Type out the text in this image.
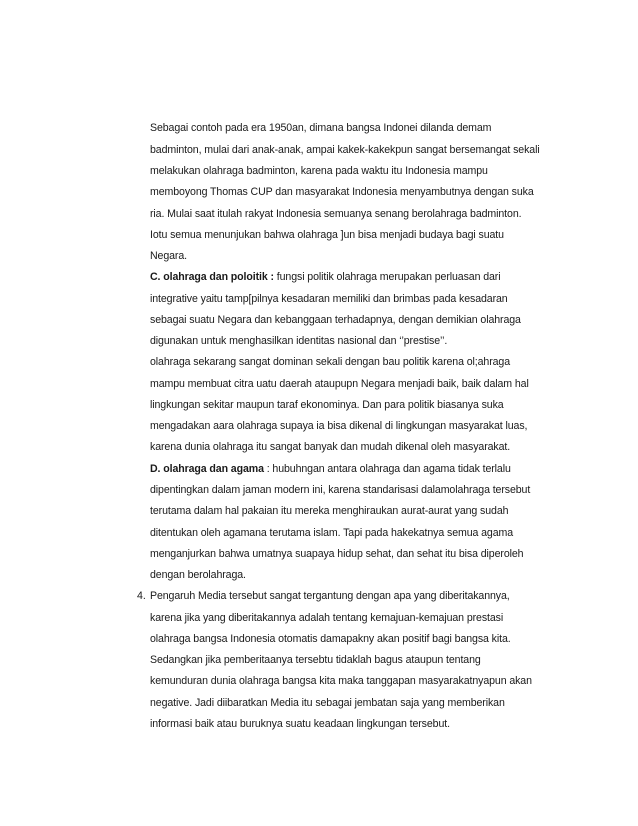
Sebagai contoh pada era 1950an, dimana bangsa Indonei dilanda demam
badminton, mulai dari anak-anak, ampai kakek-kakekpun sangat bersemangat sekali
melakukan olahraga badminton, karena pada waktu itu Indonesia mampu
memboyong Thomas CUP dan masyarakat Indonesia menyambutnya dengan suka
ria. Mulai saat itulah rakyat Indonesia semuanya senang berolahraga badminton.
Iotu semua menunjukan bahwa olahraga ]un bisa menjadi budaya bagi suatu
Negara.
C. olahraga dan poloitik : fungsi politik olahraga merupakan perluasan dari
integrative yaitu tamp[pilnya kesadaran memiliki dan brimbas pada kesadaran
sebagai suatu Negara dan kebanggaan terhadapnya, dengan demikian olahraga
digunakan untuk menghasilkan identitas nasional dan ‘’prestise’’.
olahraga sekarang sangat dominan sekali dengan bau politik karena ol;ahraga
mampu membuat citra uatu daerah ataupupn Negara menjadi baik, baik dalam hal
lingkungan sekitar maupun taraf ekonominya. Dan para politik biasanya suka
mengadakan aara olahraga supaya ia bisa dikenal di lingkungan masyarakat luas,
karena dunia olahraga itu sangat banyak dan mudah dikenal oleh masyarakat.
D. olahraga dan agama : hubuhngan antara olahraga dan agama tidak terlalu
dipentingkan dalam jaman modern ini, karena standarisasi dalamolahraga tersebut
terutama dalam hal pakaian itu mereka menghiraukan aurat-aurat yang sudah
ditentukan oleh agamana terutama islam. Tapi pada hakekatnya semua agama
menganjurkan bahwa umatnya suapaya hidup sehat, dan sehat itu bisa diperoleh
dengan berolahraga.
4. Pengaruh Media tersebut sangat tergantung dengan apa yang diberitakannya,
karena jika yang diberitakannya adalah tentang kemajuan-kemajuan prestasi
olahraga bangsa Indonesia otomatis damapakny akan positif bagi bangsa kita.
Sedangkan jika pemberitaanya tersebtu tidaklah bagus ataupun tentang
kemunduran dunia olahraga bangsa kita maka tanggapan masyarakatnyapun akan
negative. Jadi diibaratkan Media itu sebagai jembatan saja yang memberikan
informasi baik atau buruknya suatu keadaan lingkungan tersebut.
